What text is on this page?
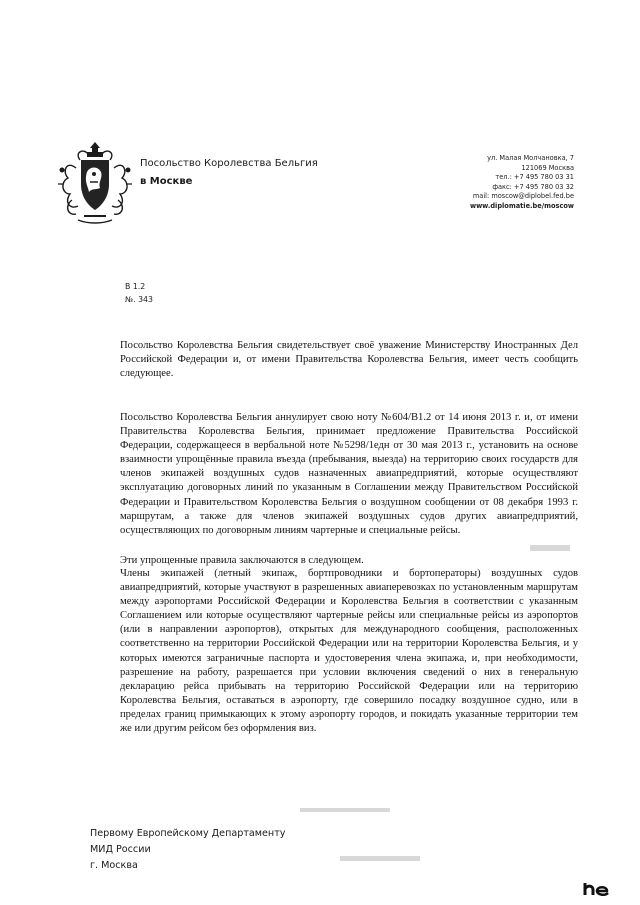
Посольство Королевства Бельгия
в Москве
ул. Малая Молчановка, 7
121069 Москва
тел.: +7 495 780 03 31
факс: +7 495 780 03 32
mail: moscow@diplobel.fed.be
www.diplomatie.be/moscow
B 1.2
№. 343
Посольство Королевства Бельгия свидетельствует своё уважение Министерству Иностранных Дел Российской Федерации и, от имени Правительства Королевства Бельгия, имеет честь сообщить следующее.
Посольство Королевства Бельгия аннулирует свою ноту №604/В1.2 от 14 июня 2013 г. и, от имени Правительства Королевства Бельгия, принимает предложение Правительства Российской Федерации, содержащееся в вербальной ноте №5298/1едн от 30 мая 2013 г., установить на основе взаимности упрощённые правила въезда (пребывания, выезда) на территорию своих государств для членов экипажей воздушных судов назначенных авиапредприятий, которые осуществляют эксплуатацию договорных линий по указанным в Соглашении между Правительством Российской Федерации и Правительством Королевства Бельгия о воздушном сообщении от 08 декабря 1993 г. маршрутам, а также для членов экипажей воздушных судов других авиапредприятий, осуществляющих по договорным линиям чартерные и специальные рейсы.
Эти упрощенные правила заключаются в следующем.
Члены экипажей (летный экипаж, бортпроводники и бортоператоры) воздушных судов авиапредприятий, которые участвуют в разрешенных авиаперевозках по установленным маршрутам между аэропортами Российской Федерации и Королевства Бельгия в соответствии с указанным Соглашением или которые осуществляют чартерные рейсы или специальные рейсы из аэропортов (или в направлении аэропортов), открытых для международного сообщения, расположенных соответственно на территории Российской Федерации или на территории Королевства Бельгия, и у которых имеются заграничные паспорта и удостоверения члена экипажа, и, при необходимости, разрешение на работу, разрешается при условии включения сведений о них в генеральную декларацию рейса прибывать на территорию Российской Федерации или на территорию Королевства Бельгия, оставаться в аэропорту, где совершило посадку воздушное судно, или в пределах границ примыкающих к этому аэропорту городов, и покидать указанные территории тем же или другим рейсом без оформления виз.
Первому Европейскому Департаменту
МИД России
г. Москва
